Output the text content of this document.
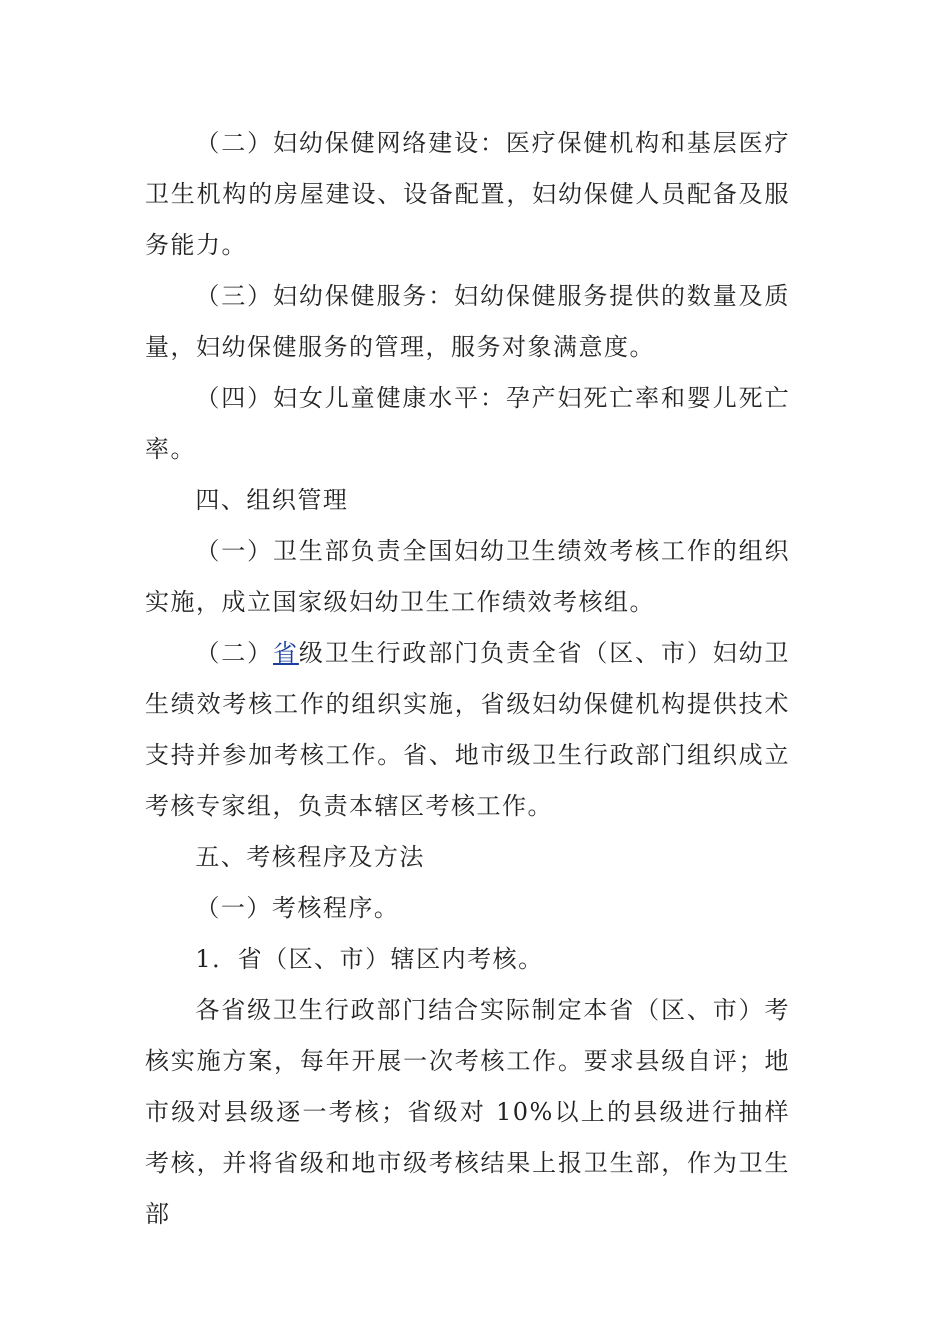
（二）妇幼保健网络建设：医疗保健机构和基层医疗卫生机构的房屋建设、设备配置，妇幼保健人员配备及服务能力。

（三）妇幼保健服务：妇幼保健服务提供的数量及质量，妇幼保健服务的管理，服务对象满意度。

（四）妇女儿童健康水平：孕产妇死亡率和婴儿死亡率。

四、组织管理

（一）卫生部负责全国妇幼卫生绩效考核工作的组织实施，成立国家级妇幼卫生工作绩效考核组。

（二）省级卫生行政部门负责全省（区、市）妇幼卫生绩效考核工作的组织实施，省级妇幼保健机构提供技术支持并参加考核工作。省、地市级卫生行政部门组织成立考核专家组，负责本辖区考核工作。

五、考核程序及方法

（一）考核程序。

1．省（区、市）辖区内考核。

各省级卫生行政部门结合实际制定本省（区、市）考核实施方案，每年开展一次考核工作。要求县级自评；地市级对县级逐一考核；省级对 10%以上的县级进行抽样考核，并将省级和地市级考核结果上报卫生部，作为卫生部
